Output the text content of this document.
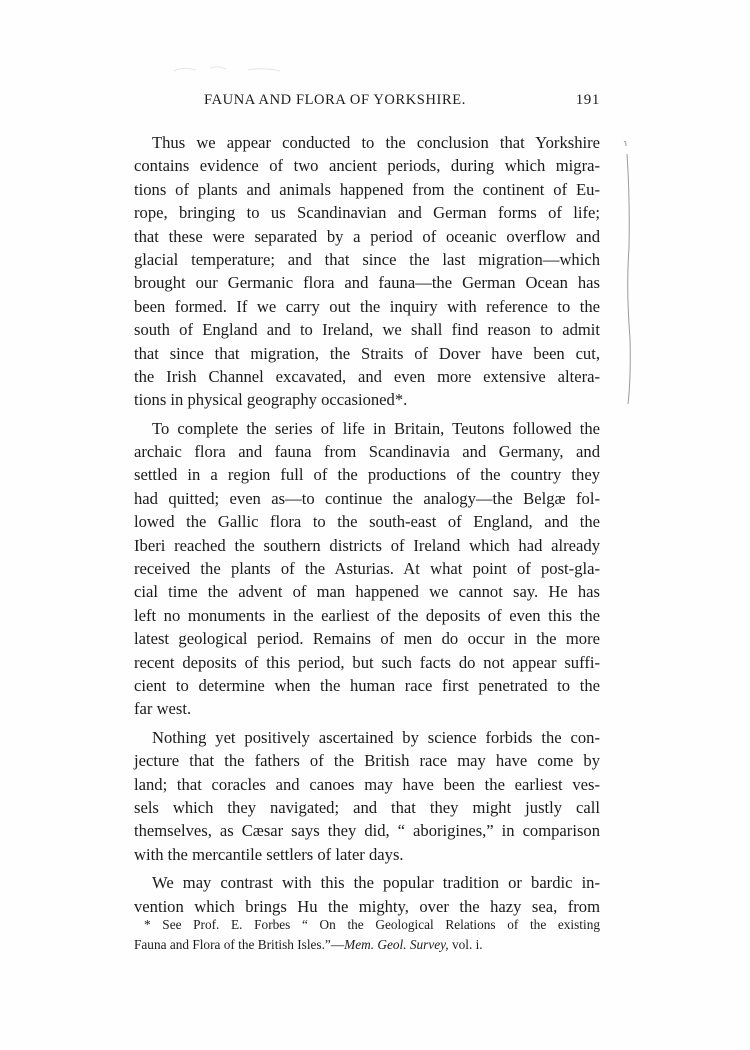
FAUNA AND FLORA OF YORKSHIRE.	191
Thus we appear conducted to the conclusion that Yorkshire
contains evidence of two ancient periods, during which migra-
tions of plants and animals happened from the continent of Eu-
rope, bringing to us Scandinavian and German forms of life;
that these were separated by a period of oceanic overflow and
glacial temperature; and that since the last migration—which
brought our Germanic flora and fauna—the German Ocean has
been formed. If we carry out the inquiry with reference to the
south of England and to Ireland, we shall find reason to admit
that since that migration, the Straits of Dover have been cut,
the Irish Channel excavated, and even more extensive altera-
tions in physical geography occasioned*.
To complete the series of life in Britain, Teutons followed the
archaic flora and fauna from Scandinavia and Germany, and
settled in a region full of the productions of the country they
had quitted; even as—to continue the analogy—the Belgæ fol-
lowed the Gallic flora to the south-east of England, and the
Iberi reached the southern districts of Ireland which had already
received the plants of the Asturias. At what point of post-gla-
cial time the advent of man happened we cannot say. He has
left no monuments in the earliest of the deposits of even this the
latest geological period. Remains of men do occur in the more
recent deposits of this period, but such facts do not appear suffi-
cient to determine when the human race first penetrated to the
far west.
Nothing yet positively ascertained by science forbids the con-
jecture that the fathers of the British race may have come by
land; that coracles and canoes may have been the earliest ves-
sels which they navigated; and that they might justly call
themselves, as Cæsar says they did, “ aborigines,” in comparison
with the mercantile settlers of later days.
We may contrast with this the popular tradition or bardic in-
vention which brings Hu the mighty, over the hazy sea, from
* See Prof. E. Forbes “ On the Geological Relations of the existing
Fauna and Flora of the British Isles.”—Mem. Geol. Survey, vol. i.
